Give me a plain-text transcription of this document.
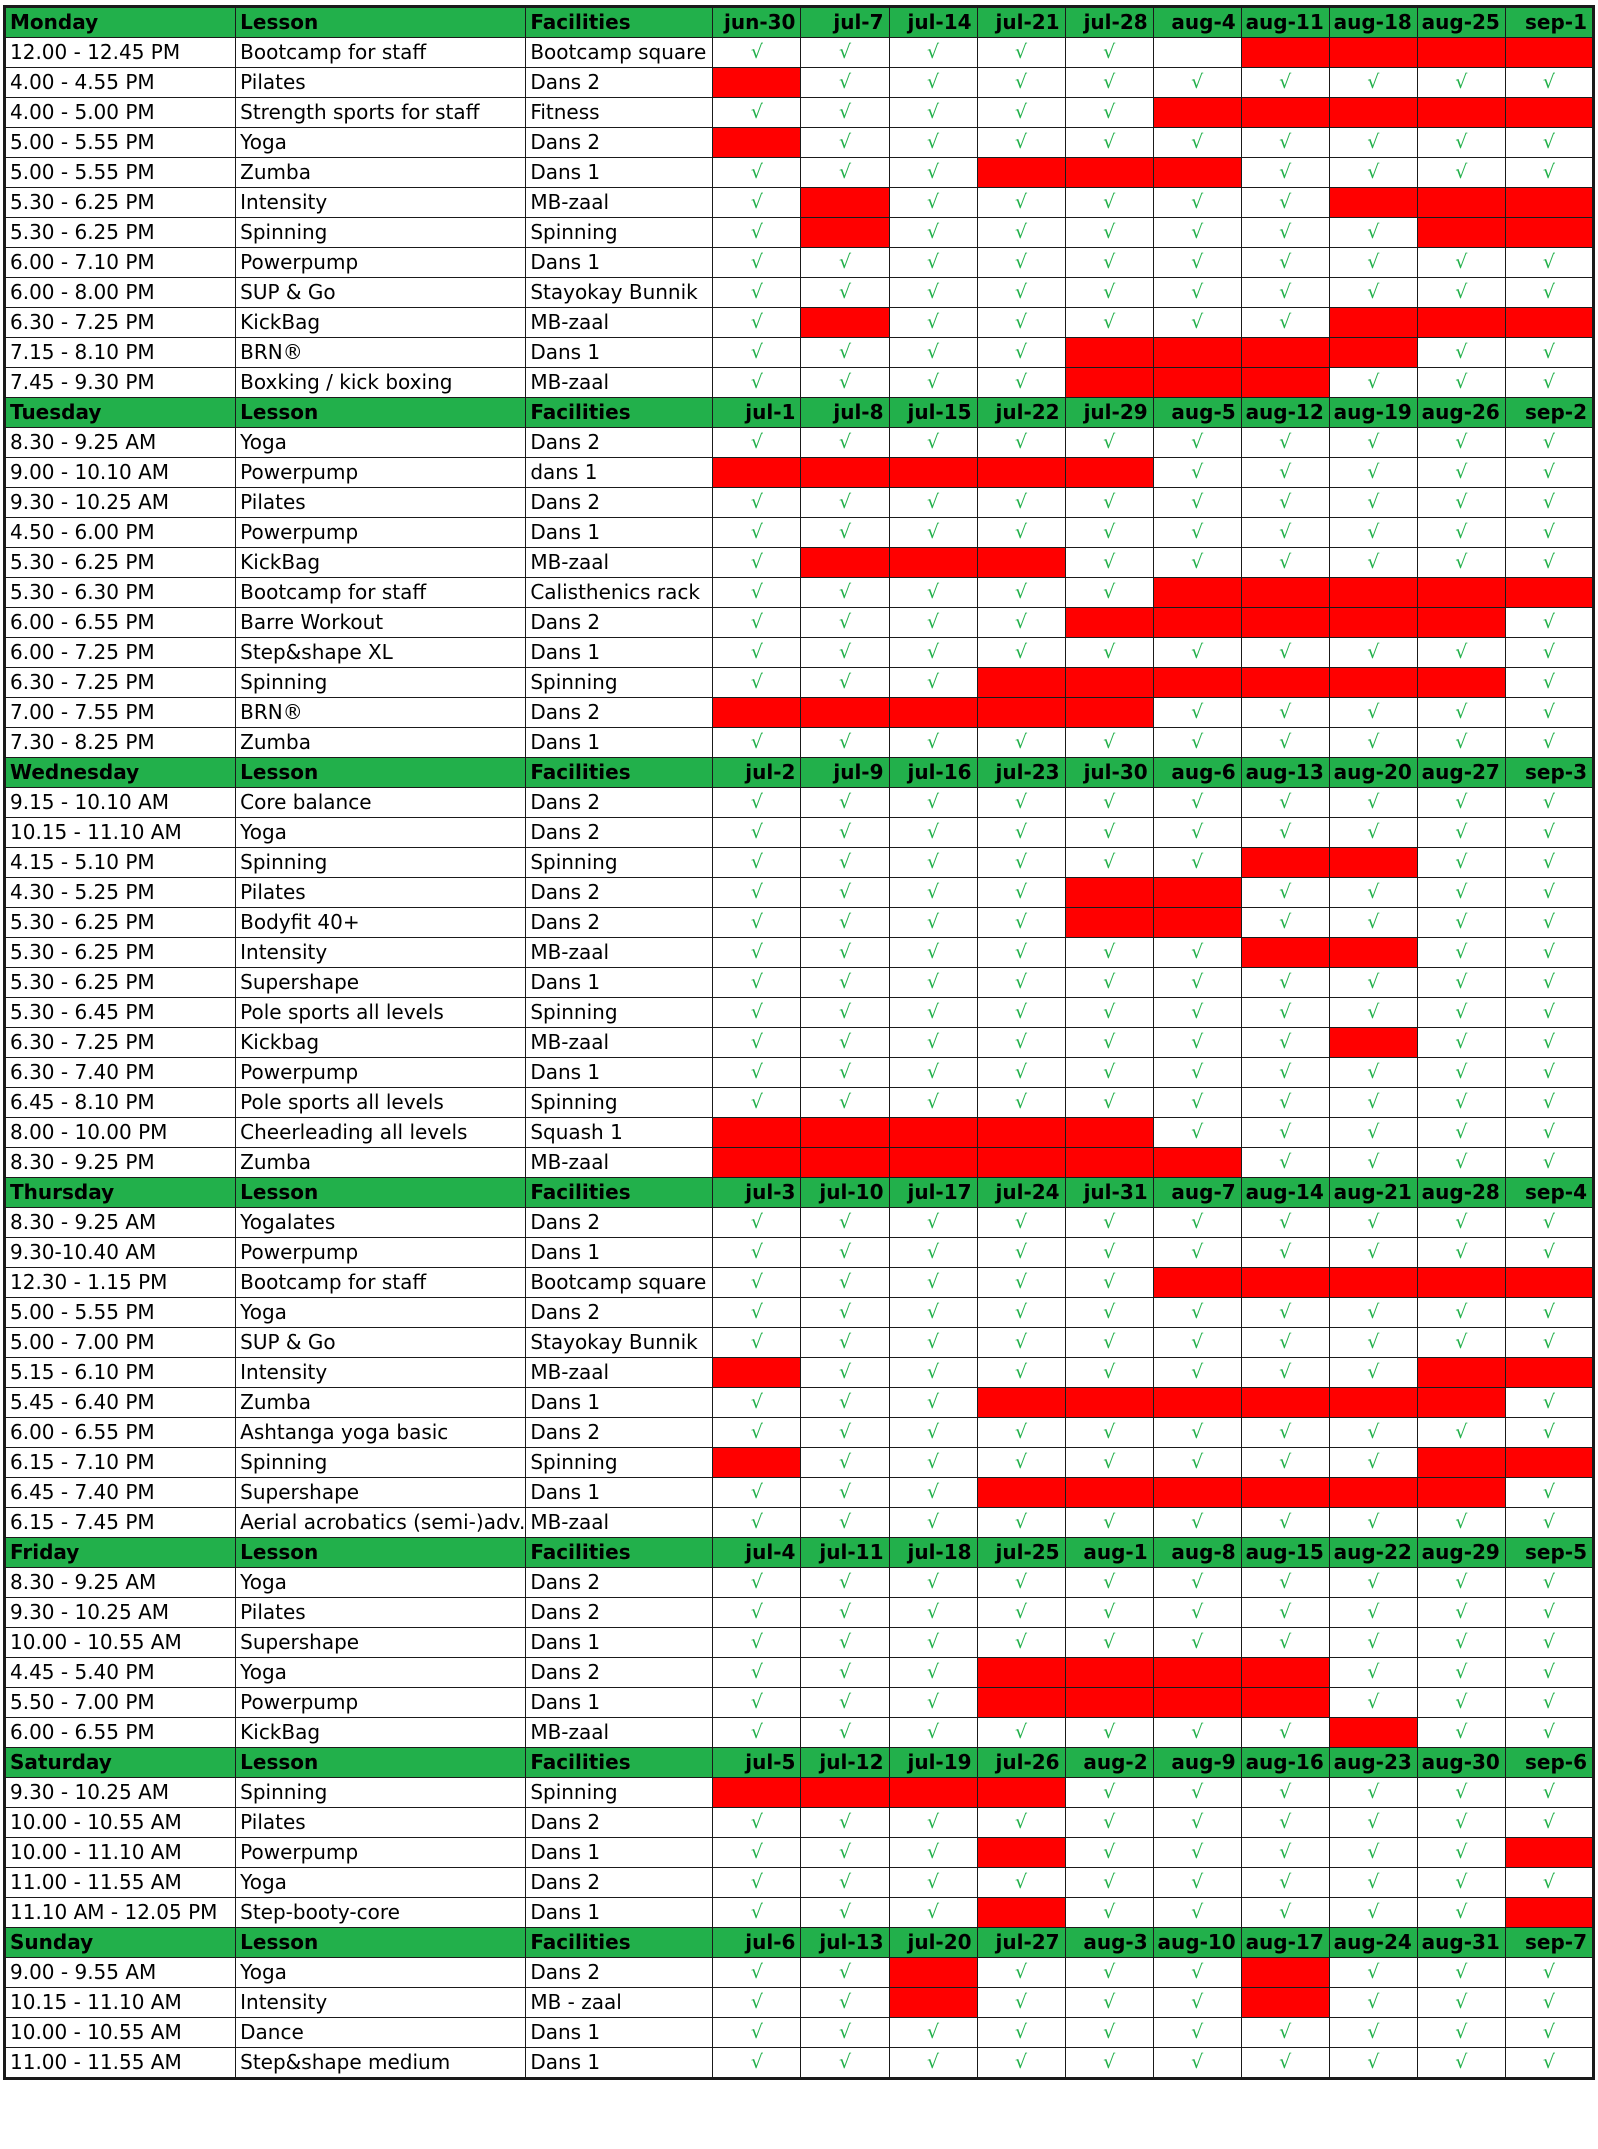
Monday	Lesson	Facilities	jun-30	jul-7	jul-14	jul-21	jul-28	aug-4	aug-11	aug-18	aug-25	sep-1
12.00 - 12.45 PM	Bootcamp for staff	Bootcamp square	√	√	√	√	√					
4.00 - 4.55 PM	Pilates	Dans 2		√	√	√	√	√	√	√	√	√
4.00 - 5.00 PM	Strength sports for staff	Fitness	√	√	√	√	√					
5.00 - 5.55 PM	Yoga	Dans 2		√	√	√	√	√	√	√	√	√
5.00 - 5.55 PM	Zumba	Dans 1	√	√	√				√	√	√	√
5.30 - 6.25 PM	Intensity	MB-zaal	√		√	√	√	√	√			
5.30 - 6.25 PM	Spinning	Spinning	√		√	√	√	√	√	√		
6.00 - 7.10 PM	Powerpump	Dans 1	√	√	√	√	√	√	√	√	√	√
6.00 - 8.00 PM	SUP & Go	Stayokay Bunnik	√	√	√	√	√	√	√	√	√	√
6.30 - 7.25 PM	KickBag	MB-zaal	√		√	√	√	√	√			
7.15 - 8.10 PM	BRN®	Dans 1	√	√	√	√					√	√
7.45 - 9.30 PM	Boxking / kick boxing	MB-zaal	√	√	√	√				√	√	√
Tuesday	Lesson	Facilities	jul-1	jul-8	jul-15	jul-22	jul-29	aug-5	aug-12	aug-19	aug-26	sep-2
8.30 - 9.25 AM	Yoga	Dans 2	√	√	√	√	√	√	√	√	√	√
9.00 - 10.10 AM	Powerpump	dans 1						√	√	√	√	√
9.30 - 10.25 AM	Pilates	Dans 2	√	√	√	√	√	√	√	√	√	√
4.50 - 6.00 PM	Powerpump	Dans 1	√	√	√	√	√	√	√	√	√	√
5.30 - 6.25 PM	KickBag	MB-zaal	√				√	√	√	√	√	√
5.30 - 6.30 PM	Bootcamp for staff	Calisthenics rack	√	√	√	√	√					
6.00 - 6.55 PM	Barre Workout	Dans 2	√	√	√	√						√
6.00 - 7.25 PM	Step&shape XL	Dans 1	√	√	√	√	√	√	√	√	√	√
6.30 - 7.25 PM	Spinning	Spinning	√	√	√							√
7.00 - 7.55 PM	BRN®	Dans 2						√	√	√	√	√
7.30 - 8.25 PM	Zumba	Dans 1	√	√	√	√	√	√	√	√	√	√
Wednesday	Lesson	Facilities	jul-2	jul-9	jul-16	jul-23	jul-30	aug-6	aug-13	aug-20	aug-27	sep-3
9.15 - 10.10 AM	Core balance	Dans 2	√	√	√	√	√	√	√	√	√	√
10.15 - 11.10 AM	Yoga	Dans 2	√	√	√	√	√	√	√	√	√	√
4.15 - 5.10 PM	Spinning	Spinning	√	√	√	√	√	√			√	√
4.30 - 5.25 PM	Pilates	Dans 2	√	√	√	√			√	√	√	√
5.30 - 6.25 PM	Bodyfit 40+	Dans 2	√	√	√	√			√	√	√	√
5.30 - 6.25 PM	Intensity	MB-zaal	√	√	√	√	√	√			√	√
5.30 - 6.25 PM	Supershape	Dans 1	√	√	√	√	√	√	√	√	√	√
5.30 - 6.45 PM	Pole sports all levels	Spinning	√	√	√	√	√	√	√	√	√	√
6.30 - 7.25 PM	Kickbag	MB-zaal	√	√	√	√	√	√	√		√	√
6.30 - 7.40 PM	Powerpump	Dans 1	√	√	√	√	√	√	√	√	√	√
6.45 - 8.10 PM	Pole sports all levels	Spinning	√	√	√	√	√	√	√	√	√	√
8.00 - 10.00 PM	Cheerleading all levels	Squash 1						√	√	√	√	√
8.30 - 9.25 PM	Zumba	MB-zaal							√	√	√	√
Thursday	Lesson	Facilities	jul-3	jul-10	jul-17	jul-24	jul-31	aug-7	aug-14	aug-21	aug-28	sep-4
8.30 - 9.25 AM	Yogalates	Dans 2	√	√	√	√	√	√	√	√	√	√
9.30-10.40 AM	Powerpump	Dans 1	√	√	√	√	√	√	√	√	√	√
12.30 - 1.15 PM	Bootcamp for staff	Bootcamp square	√	√	√	√	√					
5.00 - 5.55 PM	Yoga	Dans 2	√	√	√	√	√	√	√	√	√	√
5.00 - 7.00 PM	SUP & Go	Stayokay Bunnik	√	√	√	√	√	√	√	√	√	√
5.15 - 6.10 PM	Intensity	MB-zaal		√	√	√	√	√	√	√		
5.45 - 6.40 PM	Zumba	Dans 1	√	√	√							√
6.00 - 6.55 PM	Ashtanga yoga basic	Dans 2	√	√	√	√	√	√	√	√	√	√
6.15 - 7.10 PM	Spinning	Spinning		√	√	√	√	√	√	√		
6.45 - 7.40 PM	Supershape	Dans 1	√	√	√							√
6.15 - 7.45 PM	Aerial acrobatics (semi-)adv.	MB-zaal	√	√	√	√	√	√	√	√	√	√
Friday	Lesson	Facilities	jul-4	jul-11	jul-18	jul-25	aug-1	aug-8	aug-15	aug-22	aug-29	sep-5
8.30 - 9.25 AM	Yoga	Dans 2	√	√	√	√	√	√	√	√	√	√
9.30 - 10.25 AM	Pilates	Dans 2	√	√	√	√	√	√	√	√	√	√
10.00 - 10.55 AM	Supershape	Dans 1	√	√	√	√	√	√	√	√	√	√
4.45 - 5.40 PM	Yoga	Dans 2	√	√	√					√	√	√
5.50 - 7.00 PM	Powerpump	Dans 1	√	√	√					√	√	√
6.00 - 6.55 PM	KickBag	MB-zaal	√	√	√	√	√	√	√		√	√
Saturday	Lesson	Facilities	jul-5	jul-12	jul-19	jul-26	aug-2	aug-9	aug-16	aug-23	aug-30	sep-6
9.30 - 10.25 AM	Spinning	Spinning					√	√	√	√	√	√
10.00 - 10.55 AM	Pilates	Dans 2	√	√	√	√	√	√	√	√	√	√
10.00 - 11.10 AM	Powerpump	Dans 1	√	√	√		√	√	√	√	√	
11.00 - 11.55 AM	Yoga	Dans 2	√	√	√	√	√	√	√	√	√	√
11.10 AM - 12.05 PM	Step-booty-core	Dans 1	√	√	√		√	√	√	√	√	
Sunday	Lesson	Facilities	jul-6	jul-13	jul-20	jul-27	aug-3	aug-10	aug-17	aug-24	aug-31	sep-7
9.00 - 9.55 AM	Yoga	Dans 2	√	√		√	√	√		√	√	√
10.15 - 11.10 AM	Intensity	MB - zaal	√	√		√	√	√		√	√	√
10.00 - 10.55 AM	Dance	Dans 1	√	√	√	√	√	√	√	√	√	√
11.00 - 11.55 AM	Step&shape medium	Dans 1	√	√	√	√	√	√	√	√	√	√
